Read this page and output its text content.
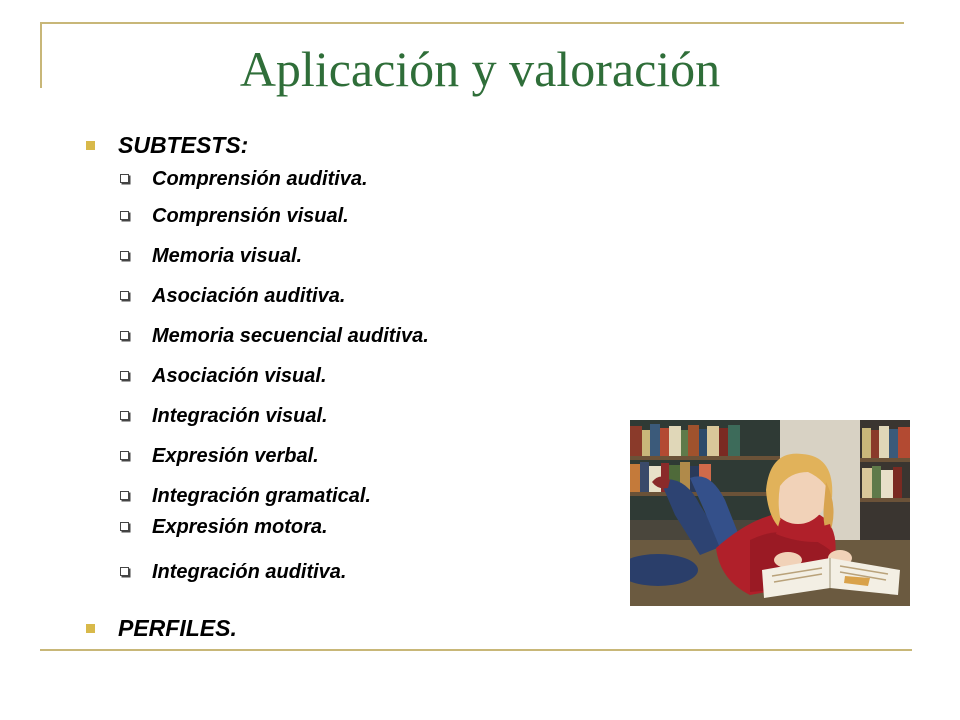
Aplicación y valoración
SUBTESTS:
Comprensión auditiva.
Comprensión visual.
Memoria visual.
Asociación auditiva.
Memoria secuencial auditiva.
Asociación visual.
Integración visual.
Expresión verbal.
Integración gramatical.
Expresión motora.
Integración auditiva.
PERFILES.
